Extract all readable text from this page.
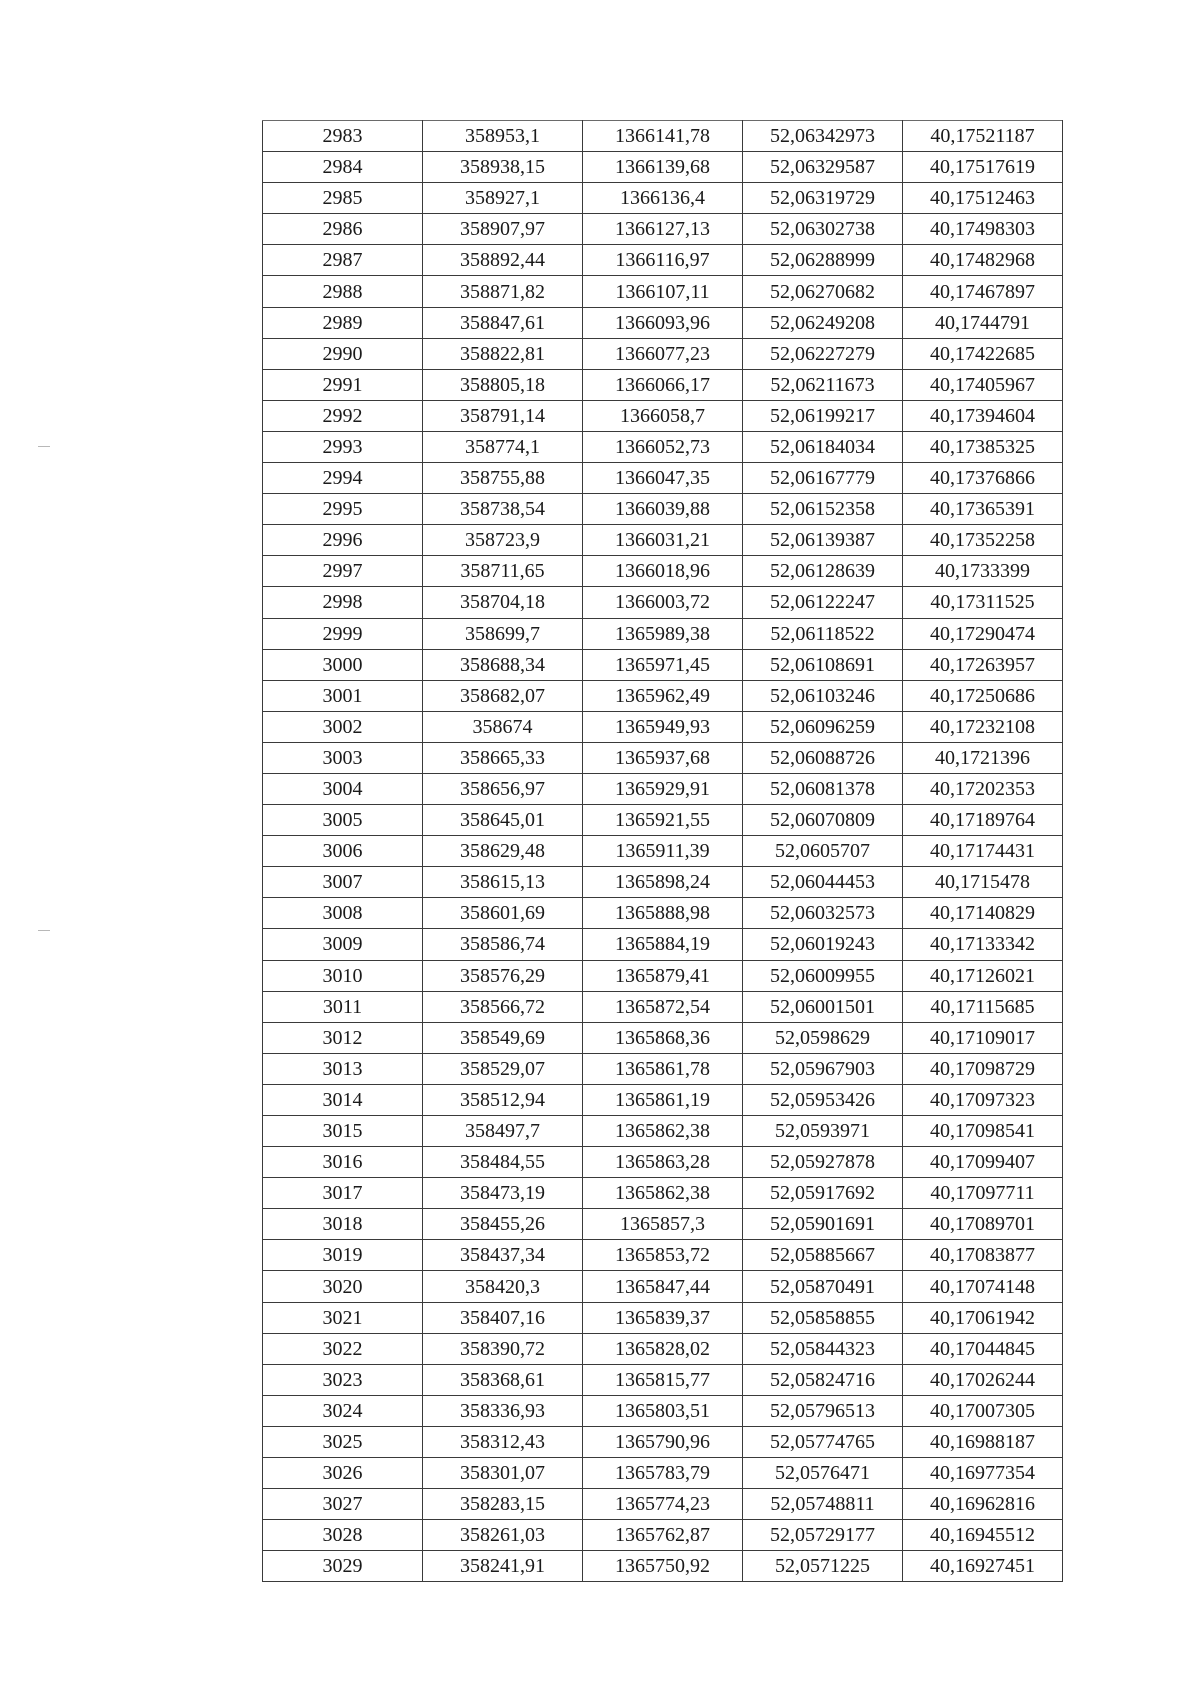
2983	358953,1	1366141,78	52,06342973	40,17521187
2984	358938,15	1366139,68	52,06329587	40,17517619
2985	358927,1	1366136,4	52,06319729	40,17512463
2986	358907,97	1366127,13	52,06302738	40,17498303
2987	358892,44	1366116,97	52,06288999	40,17482968
2988	358871,82	1366107,11	52,06270682	40,17467897
2989	358847,61	1366093,96	52,06249208	40,1744791
2990	358822,81	1366077,23	52,06227279	40,17422685
2991	358805,18	1366066,17	52,06211673	40,17405967
2992	358791,14	1366058,7	52,06199217	40,17394604
2993	358774,1	1366052,73	52,06184034	40,17385325
2994	358755,88	1366047,35	52,06167779	40,17376866
2995	358738,54	1366039,88	52,06152358	40,17365391
2996	358723,9	1366031,21	52,06139387	40,17352258
2997	358711,65	1366018,96	52,06128639	40,1733399
2998	358704,18	1366003,72	52,06122247	40,17311525
2999	358699,7	1365989,38	52,06118522	40,17290474
3000	358688,34	1365971,45	52,06108691	40,17263957
3001	358682,07	1365962,49	52,06103246	40,17250686
3002	358674	1365949,93	52,06096259	40,17232108
3003	358665,33	1365937,68	52,06088726	40,1721396
3004	358656,97	1365929,91	52,06081378	40,17202353
3005	358645,01	1365921,55	52,06070809	40,17189764
3006	358629,48	1365911,39	52,0605707	40,17174431
3007	358615,13	1365898,24	52,06044453	40,1715478
3008	358601,69	1365888,98	52,06032573	40,17140829
3009	358586,74	1365884,19	52,06019243	40,17133342
3010	358576,29	1365879,41	52,06009955	40,17126021
3011	358566,72	1365872,54	52,06001501	40,17115685
3012	358549,69	1365868,36	52,0598629	40,17109017
3013	358529,07	1365861,78	52,05967903	40,17098729
3014	358512,94	1365861,19	52,05953426	40,17097323
3015	358497,7	1365862,38	52,0593971	40,17098541
3016	358484,55	1365863,28	52,05927878	40,17099407
3017	358473,19	1365862,38	52,05917692	40,17097711
3018	358455,26	1365857,3	52,05901691	40,17089701
3019	358437,34	1365853,72	52,05885667	40,17083877
3020	358420,3	1365847,44	52,05870491	40,17074148
3021	358407,16	1365839,37	52,05858855	40,17061942
3022	358390,72	1365828,02	52,05844323	40,17044845
3023	358368,61	1365815,77	52,05824716	40,17026244
3024	358336,93	1365803,51	52,05796513	40,17007305
3025	358312,43	1365790,96	52,05774765	40,16988187
3026	358301,07	1365783,79	52,0576471	40,16977354
3027	358283,15	1365774,23	52,05748811	40,16962816
3028	358261,03	1365762,87	52,05729177	40,16945512
3029	358241,91	1365750,92	52,0571225	40,16927451
